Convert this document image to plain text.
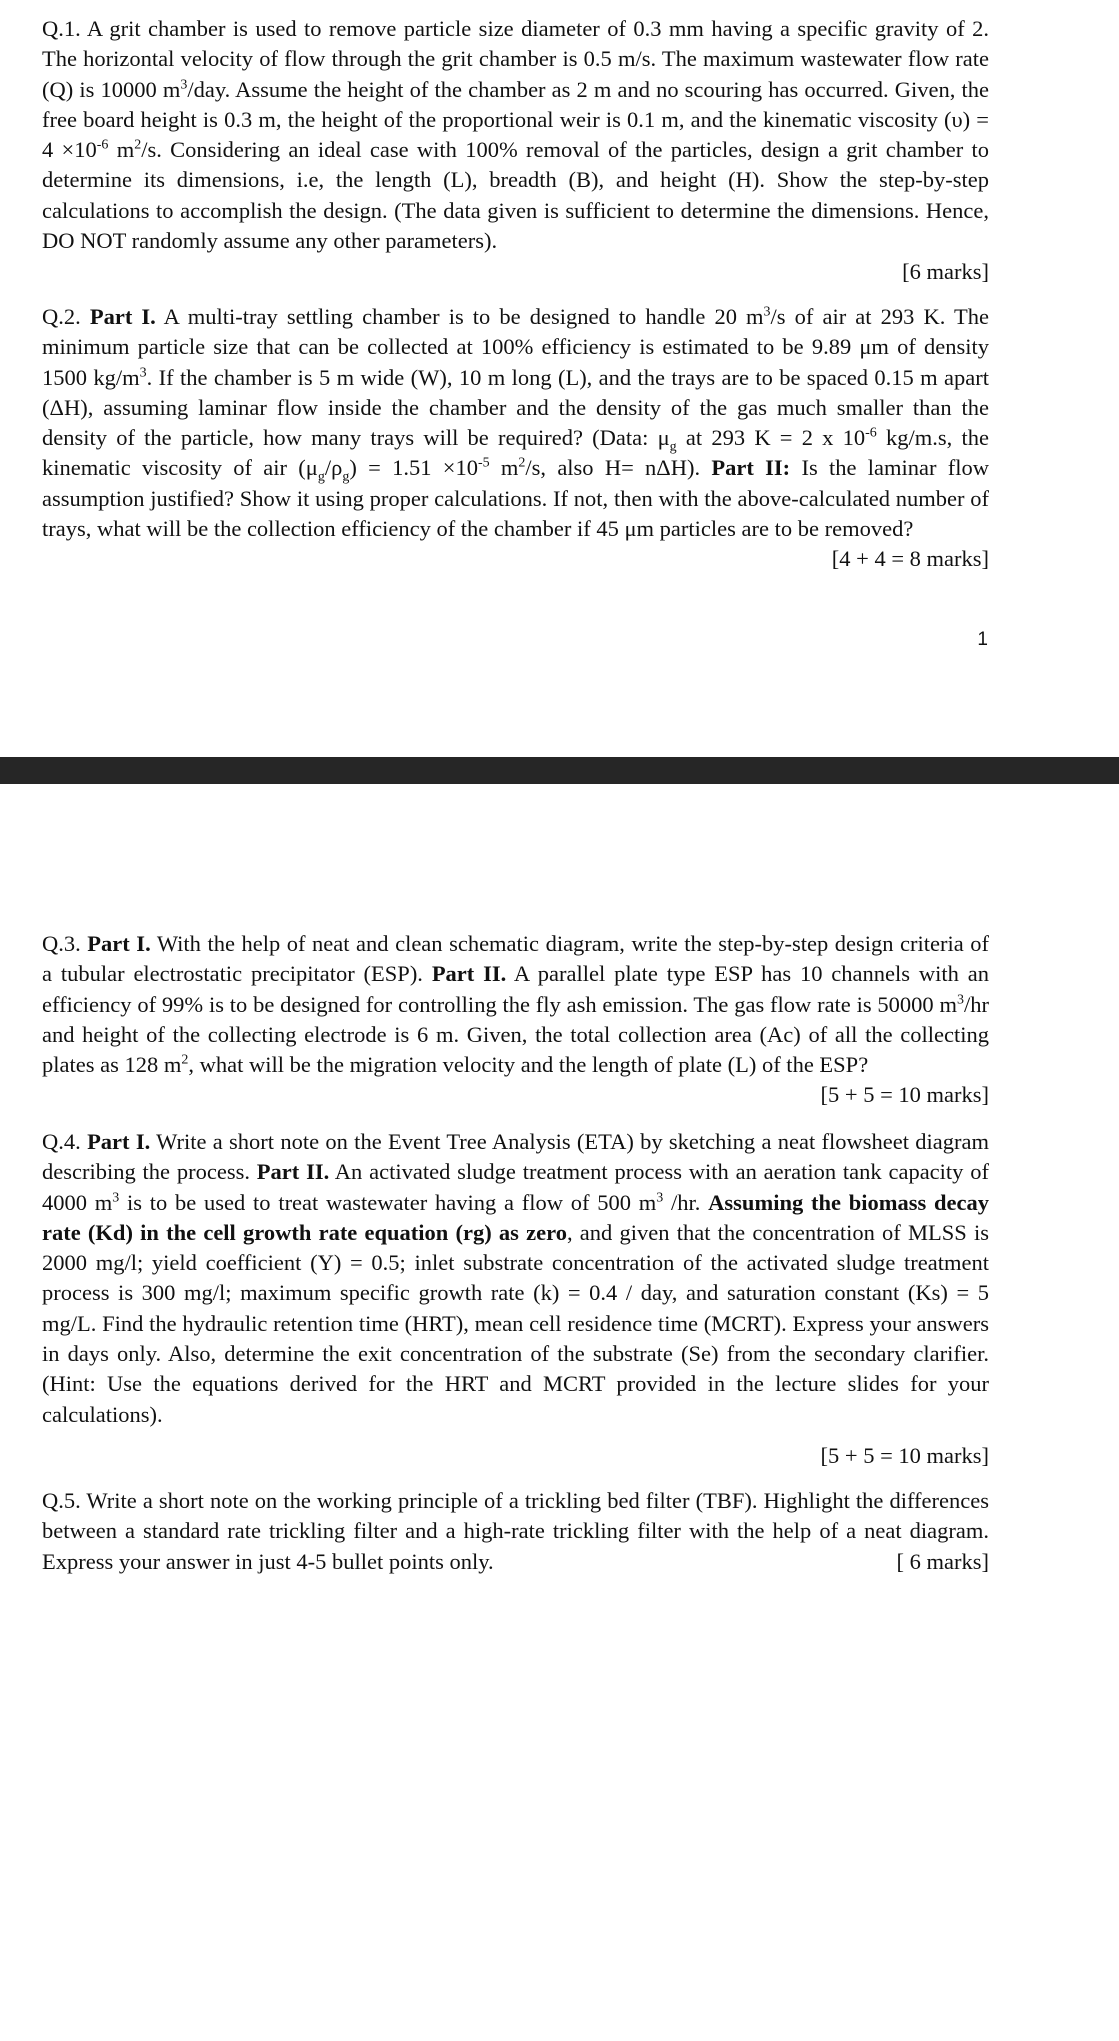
Q.1. A grit chamber is used to remove particle size diameter of 0.3 mm having a specific gravity of 2. The horizontal velocity of flow through the grit chamber is 0.5 m/s. The maximum wastewater flow rate (Q) is 10000 $m^3$/day. Assume the height of the chamber as 2 m and no scouring has occurred. Given, the free board height is 0.3 m, the height of the proportional weir is 0.1 m, and the kinematic viscosity $(\upsilon) = 4 \times 10^{-6}$ $m^2/s$. Considering an ideal case with 100% removal of the particles, design a grit chamber to determine its dimensions, i.e, the length (L), breadth (B), and height (H). Show the step-by-step calculations to accomplish the design. (The data given is sufficient to determine the dimensions. Hence, DO NOT randomly assume any other parameters).

[6 marks]

Q.2. Part I. A multi-tray settling chamber is to be designed to handle 20 $m^3/s$ of air at 293 K. The minimum particle size that can be collected at 100% efficiency is estimated to be 9.89 μm of density 1500 $kg/m^3$. If the chamber is 5 m wide (W), 10 m long (L), and the trays are to be spaced 0.15 m apart (ΔH), assuming laminar flow inside the chamber and the density of the gas much smaller than the density of the particle, how many trays will be required? (Data: $\mu_g$ at 293 K = 2 x $10^{-6}$ kg/m.s, the kinematic viscosity of air $(\mu_g/\rho_g) = 1.51 \times 10^{-5}$ $m^2/s$, also H= nΔH). Part II: Is the laminar flow assumption justified? Show it using proper calculations. If not, then with the above-calculated number of trays, what will be the collection efficiency of the chamber if 45 μm particles are to be removed?
[4 + 4 = 8 marks]

1

Q.3. Part I. With the help of neat and clean schematic diagram, write the step-by-step design criteria of a tubular electrostatic precipitator (ESP). Part II. A parallel plate type ESP has 10 channels with an efficiency of 99% is to be designed for controlling the fly ash emission. The gas flow rate is 50000 $m^3/hr$ and height of the collecting electrode is 6 m. Given, the total collection area (Ac) of all the collecting plates as 128 $m^2$, what will be the migration velocity and the length of plate (L) of the ESP?
[5 + 5 = 10 marks]

Q.4. Part I. Write a short note on the Event Tree Analysis (ETA) by sketching a neat flowsheet diagram describing the process. Part II. An activated sludge treatment process with an aeration tank capacity of 4000 $m^3$ is to be used to treat wastewater having a flow of 500 $m^3$ /hr. Assuming the biomass decay rate (Kd) in the cell growth rate equation (rg) as zero, and given that the concentration of MLSS is 2000 mg/l; yield coefficient (Y) = 0.5; inlet substrate concentration of the activated sludge treatment process is 300 mg/l; maximum specific growth rate (k) = 0.4 / day, and saturation constant (Ks) = 5 mg/L. Find the hydraulic retention time (HRT), mean cell residence time (MCRT). Express your answers in days only. Also, determine the exit concentration of the substrate (Se) from the secondary clarifier. (Hint: Use the equations derived for the HRT and MCRT provided in the lecture slides for your calculations).

[5 + 5 = 10 marks]

Q.5. Write a short note on the working principle of a trickling bed filter (TBF). Highlight the differences between a standard rate trickling filter and a high-rate trickling filter with the help of a neat diagram. Express your answer in just 4-5 bullet points only.	[ 6 marks]
